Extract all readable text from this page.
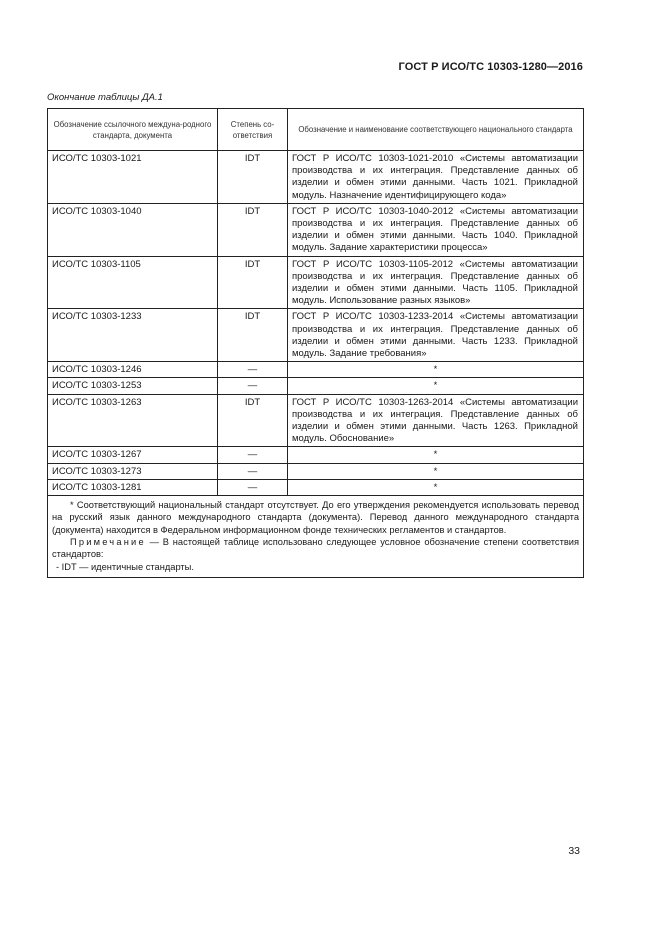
ГОСТ Р ИСО/ТС 10303-1280—2016
Окончание таблицы ДА.1
Обозначение ссылочного междуна-родного стандарта, документа	Степень со-ответствия	Обозначение и наименование соответствующего национального стандарта
ИСО/ТС 10303-1021	IDT	ГОСТ Р ИСО/ТС 10303-1021-2010 «Системы автоматизации производства и их интеграция. Представление данных об изделии и обмен этими данными. Часть 1021. Прикладной модуль. Назначение идентифицирующего кода»
ИСО/ТС 10303-1040	IDT	ГОСТ Р ИСО/ТС 10303-1040-2012 «Системы автоматизации производства и их интеграция. Представление данных об изделии и обмен этими данными. Часть 1040. Прикладной модуль. Задание характеристики процесса»
ИСО/ТС 10303-1105	IDT	ГОСТ Р ИСО/ТС 10303-1105-2012 «Системы автоматизации производства и их интеграция. Представление данных об изделии и обмен этими данными. Часть 1105. Прикладной модуль. Использование разных языков»
ИСО/ТС 10303-1233	IDT	ГОСТ Р ИСО/ТС 10303-1233-2014 «Системы автоматизации производства и их интеграция. Представление данных об изделии и обмен этими данными. Часть 1233. Прикладной модуль. Задание требования»
ИСО/ТС 10303-1246	—	*
ИСО/ТС 10303-1253	—	*
ИСО/ТС 10303-1263	IDT	ГОСТ Р ИСО/ТС 10303-1263-2014 «Системы автоматизации производства и их интеграция. Представление данных об изделии и обмен этими данными. Часть 1263. Прикладной модуль. Обоснование»
ИСО/ТС 10303-1267	—	*
ИСО/ТС 10303-1273	—	*
ИСО/ТС 10303-1281	—	*

* Соответствующий национальный стандарт отсутствует. До его утверждения рекомендуется использовать перевод на русский язык данного международного стандарта (документа). Перевод данного международного стандарта (документа) находится в Федеральном информационном фонде технических регламентов и стандартов.

Примечание — В настоящей таблице использовано следующее условное обозначение степени соответствия стандартов:

- IDT — идентичные стандарты.		

33
